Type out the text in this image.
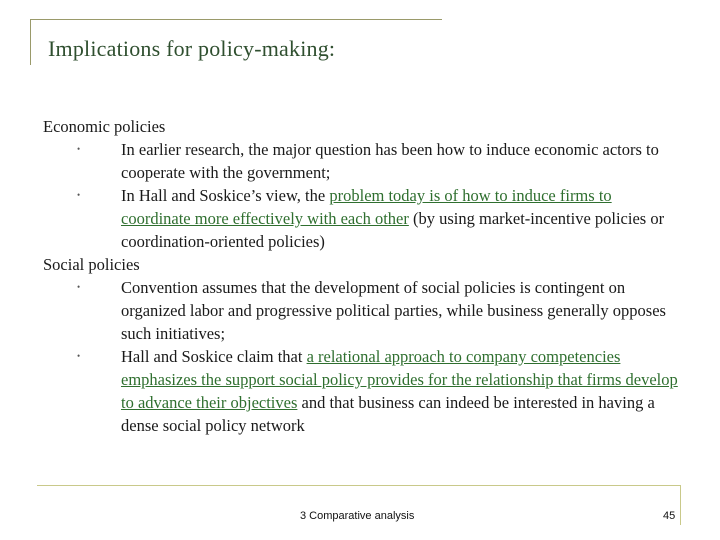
Implications for policy-making:

Economic policies

• In earlier research, the major question has been how to induce economic actors to cooperate with the government;

• In Hall and Soskice’s view, the problem today is of how to induce firms to coordinate more effectively with each other (by using market-incentive policies or coordination-oriented policies)

Social policies

• Convention assumes that the development of social policies is contingent on organized labor and progressive political parties, while business generally opposes such initiatives;

• Hall and Soskice claim that a relational approach to company competencies emphasizes the support social policy provides for the relationship that firms develop to advance their objectives and that business can indeed be interested in having a dense social policy network

3 Comparative analysis	45
